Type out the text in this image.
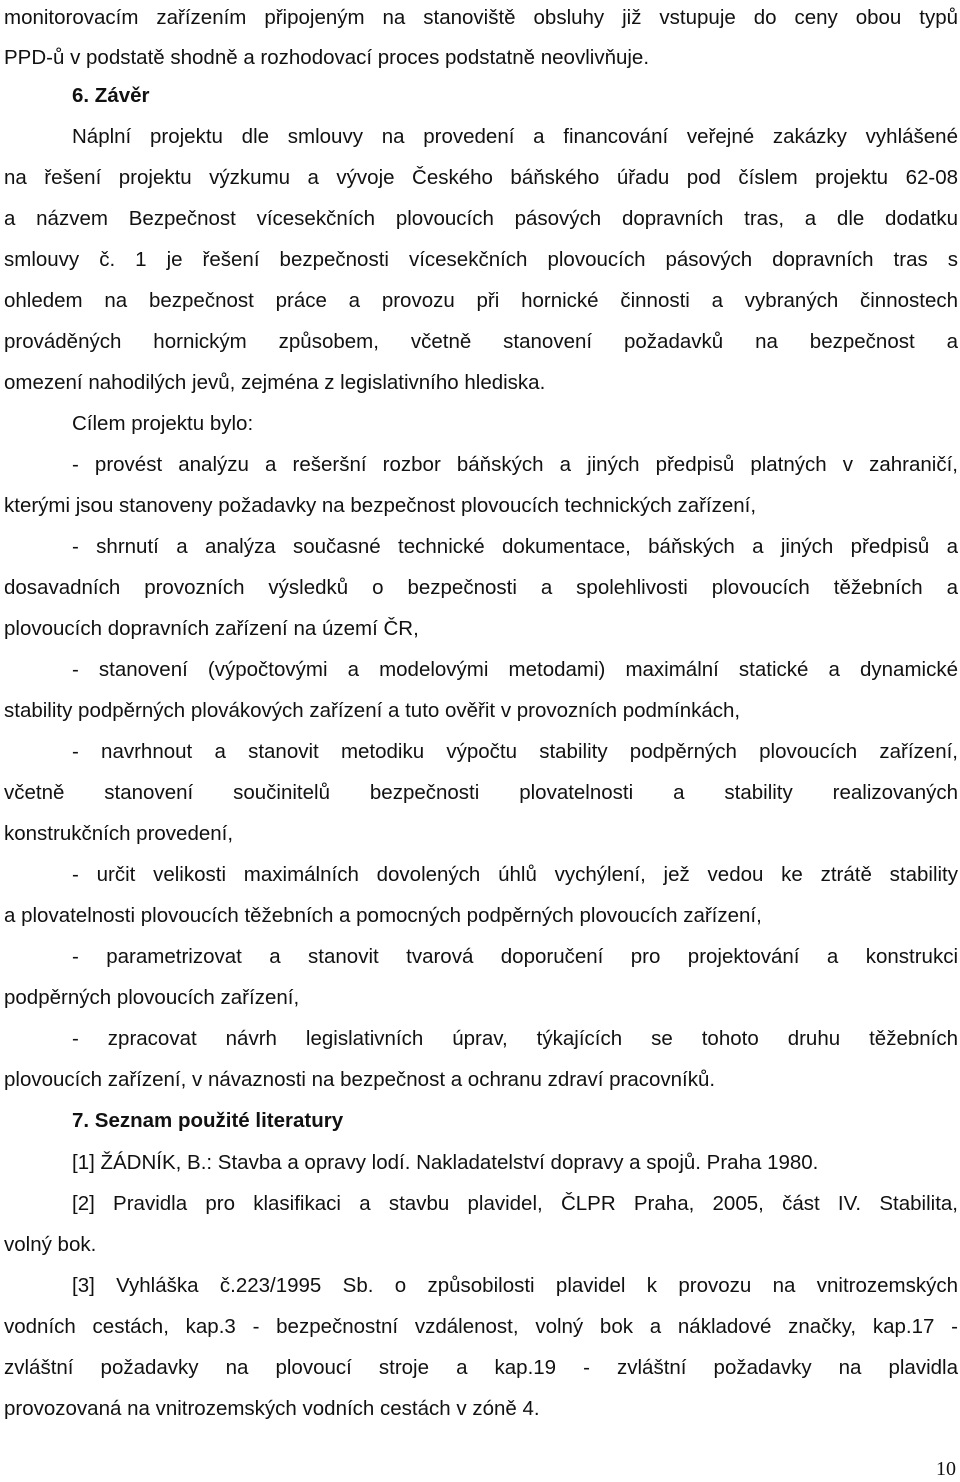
monitorovacím zařízením připojeným na stanoviště obsluhy již vstupuje do ceny obou typů
PPD-ů v podstatě shodně a rozhodovací proces podstatně neovlivňuje.
6. Závěr
Náplní projektu dle smlouvy na provedení a financování veřejné zakázky vyhlášené
na řešení projektu výzkumu a vývoje Českého báňského úřadu pod číslem projektu 62-08
a názvem Bezpečnost vícesekčních plovoucích pásových dopravních tras, a dle dodatku
smlouvy č. 1 je řešení bezpečnosti vícesekčních plovoucích pásových dopravních tras s
ohledem na bezpečnost práce a provozu při hornické činnosti a vybraných činnostech
prováděných hornickým způsobem, včetně stanovení požadavků na bezpečnost a
omezení nahodilých jevů, zejména z legislativního hlediska.
Cílem projektu bylo:
- provést analýzu a rešeršní rozbor báňských a jiných předpisů platných v zahraničí,
kterými jsou stanoveny požadavky na bezpečnost plovoucích technických zařízení,
- shrnutí a analýza současné technické dokumentace, báňských a jiných předpisů a
dosavadních provozních výsledků o bezpečnosti a spolehlivosti plovoucích těžebních a
plovoucích dopravních zařízení na území ČR,
- stanovení (výpočtovými a modelovými metodami) maximální statické a dynamické
stability podpěrných plovákových zařízení a tuto ověřit v provozních podmínkách,
- navrhnout a stanovit metodiku výpočtu stability podpěrných plovoucích zařízení,
včetně stanovení součinitelů bezpečnosti plovatelnosti a stability realizovaných
konstrukčních provedení,
- určit velikosti maximálních dovolených úhlů vychýlení, jež vedou ke ztrátě stability
a plovatelnosti plovoucích těžebních a pomocných podpěrných plovoucích zařízení,
- parametrizovat a stanovit tvarová doporučení pro projektování a konstrukci
podpěrných plovoucích zařízení,
- zpracovat návrh legislativních úprav, týkajících se tohoto druhu těžebních
plovoucích zařízení, v návaznosti na bezpečnost a ochranu zdraví pracovníků.
7. Seznam použité literatury
[1] ŽÁDNÍK, B.: Stavba a opravy lodí. Nakladatelství dopravy a spojů. Praha 1980.
[2] Pravidla pro klasifikaci a stavbu plavidel, ČLPR Praha, 2005, část IV. Stabilita,
volný bok.
[3] Vyhláška č.223/1995 Sb. o způsobilosti plavidel k provozu na vnitrozemských
vodních cestách, kap.3 - bezpečnostní vzdálenost, volný bok a nákladové značky, kap.17 -
zvláštní požadavky na plovoucí stroje a kap.19 - zvláštní požadavky na plavidla
provozovaná na vnitrozemských vodních cestách v zóně 4.
10
